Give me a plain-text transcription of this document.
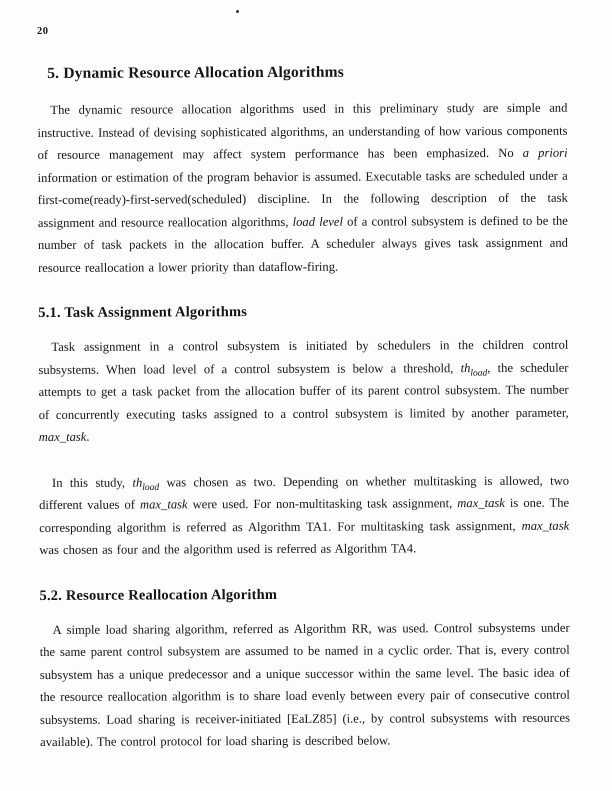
20
5. Dynamic Resource Allocation Algorithms

The dynamic resource allocation algorithms used in this preliminary study are simple and instructive. Instead of devising sophisticated algorithms, an understanding of how various components of resource management may affect system performance has been emphasized. No a priori information or estimation of the program behavior is assumed. Executable tasks are scheduled under a first-come(ready)-first-served(scheduled) discipline. In the following description of the task assignment and resource reallocation algorithms, load level of a control subsystem is defined to be the number of task packets in the allocation buffer. A scheduler always gives task assignment and resource reallocation a lower priority than dataflow-firing.

5.1. Task Assignment Algorithms

Task assignment in a control subsystem is initiated by schedulers in the children control subsystems. When load level of a control subsystem is below a threshold, $th_{load}$, the scheduler attempts to get a task packet from the allocation buffer of its parent control subsystem. The number of concurrently executing tasks assigned to a control subsystem is limited by another parameter, max_task.

In this study, $th_{load}$ was chosen as two. Depending on whether multitasking is allowed, two different values of max_task were used. For non-multitasking task assignment, max_task is one. The corresponding algorithm is referred as Algorithm TA1. For multitasking task assignment, max_task was chosen as four and the algorithm used is referred as Algorithm TA4.

5.2. Resource Reallocation Algorithm

A simple load sharing algorithm, referred as Algorithm RR, was used. Control subsystems under the same parent control subsystem are assumed to be named in a cyclic order. That is, every control subsystem has a unique predecessor and a unique successor within the same level. The basic idea of the resource reallocation algorithm is to share load evenly between every pair of consecutive control subsystems. Load sharing is receiver-initiated [EaLZ85] (i.e., by control subsystems with resources available). The control protocol for load sharing is described below.
